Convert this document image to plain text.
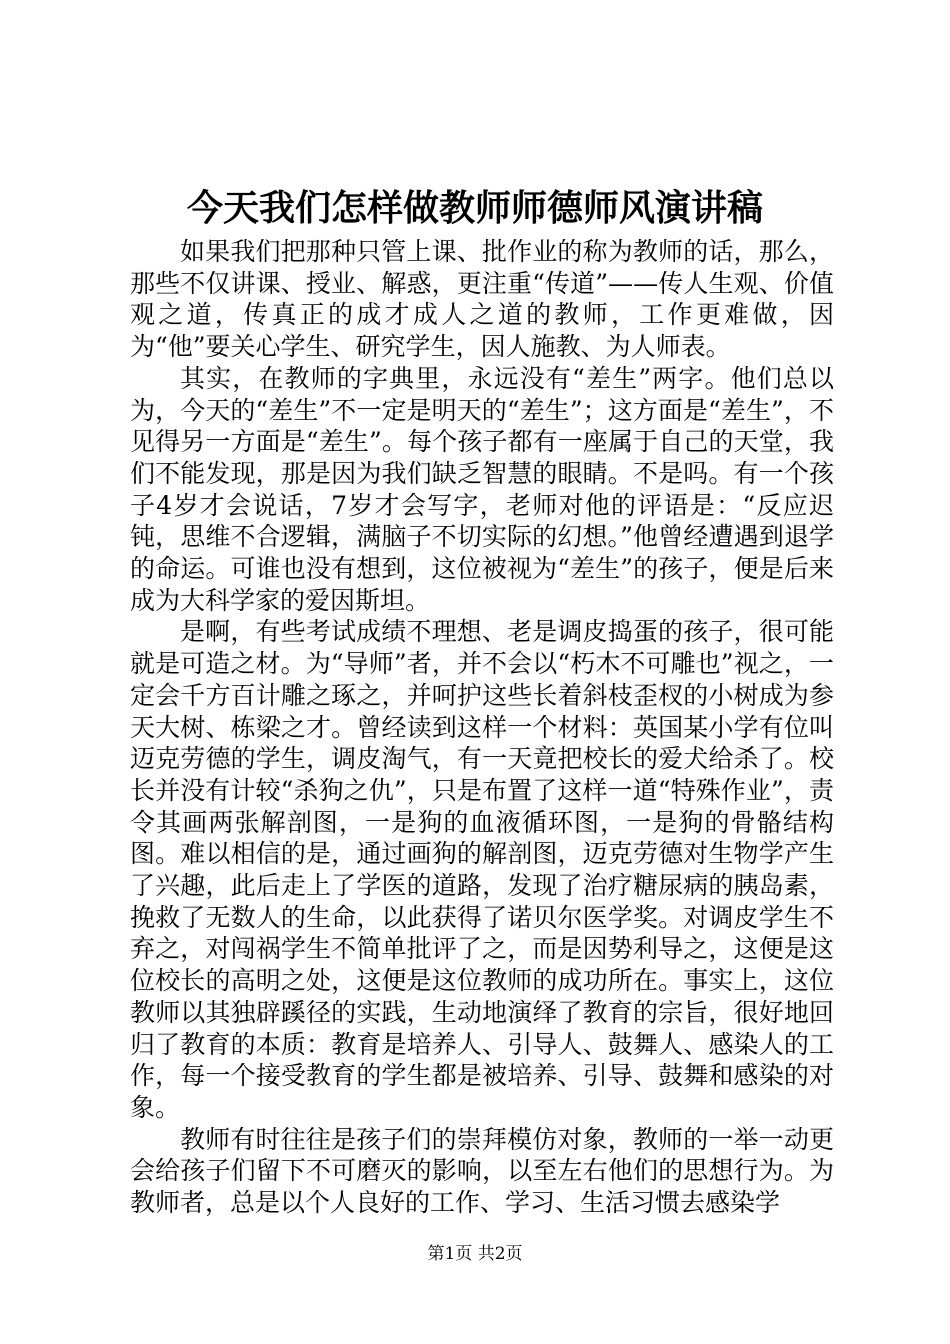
今天我们怎样做教师师德师风演讲稿

如果我们把那种只管上课、批作业的称为教师的话，那么，那些不仅讲课、授业、解惑，更注重“传道”——传人生观、价值观之道，传真正的成才成人之道的教师，工作更难做，因为“他”要关心学生、研究学生，因人施教、为人师表。

其实，在教师的字典里，永远没有“差生”两字。他们总以为，今天的“差生”不一定是明天的“差生”；这方面是“差生”，不见得另一方面是“差生”。每个孩子都有一座属于自己的天堂，我们不能发现，那是因为我们缺乏智慧的眼睛。不是吗。有一个孩子4岁才会说话，7岁才会写字，老师对他的评语是：“反应迟钝，思维不合逻辑，满脑子不切实际的幻想。”他曾经遭遇到退学的命运。可谁也没有想到，这位被视为“差生”的孩子，便是后来成为大科学家的爱因斯坦。

是啊，有些考试成绩不理想、老是调皮捣蛋的孩子，很可能就是可造之材。为“导师”者，并不会以“朽木不可雕也”视之，一定会千方百计雕之琢之，并呵护这些长着斜枝歪杈的小树成为参天大树、栋梁之才。曾经读到这样一个材料：英国某小学有位叫迈克劳德的学生，调皮淘气，有一天竟把校长的爱犬给杀了。校长并没有计较“杀狗之仇”，只是布置了这样一道“特殊作业”，责令其画两张解剖图，一是狗的血液循环图，一是狗的骨骼结构图。难以相信的是，通过画狗的解剖图，迈克劳德对生物学产生了兴趣，此后走上了学医的道路，发现了治疗糖尿病的胰岛素，挽救了无数人的生命，以此获得了诺贝尔医学奖。对调皮学生不弃之，对闯祸学生不简单批评了之，而是因势利导之，这便是这位校长的高明之处，这便是这位教师的成功所在。事实上，这位教师以其独辟蹊径的实践，生动地演绎了教育的宗旨，很好地回归了教育的本质：教育是培养人、引导人、鼓舞人、感染人的工作，每一个接受教育的学生都是被培养、引导、鼓舞和感染的对象。

教师有时往往是孩子们的崇拜模仿对象，教师的一举一动更会给孩子们留下不可磨灭的影响，以至左右他们的思想行为。为教师者，总是以个人良好的工作、学习、生活习惯去感染学

第1页 共2页
